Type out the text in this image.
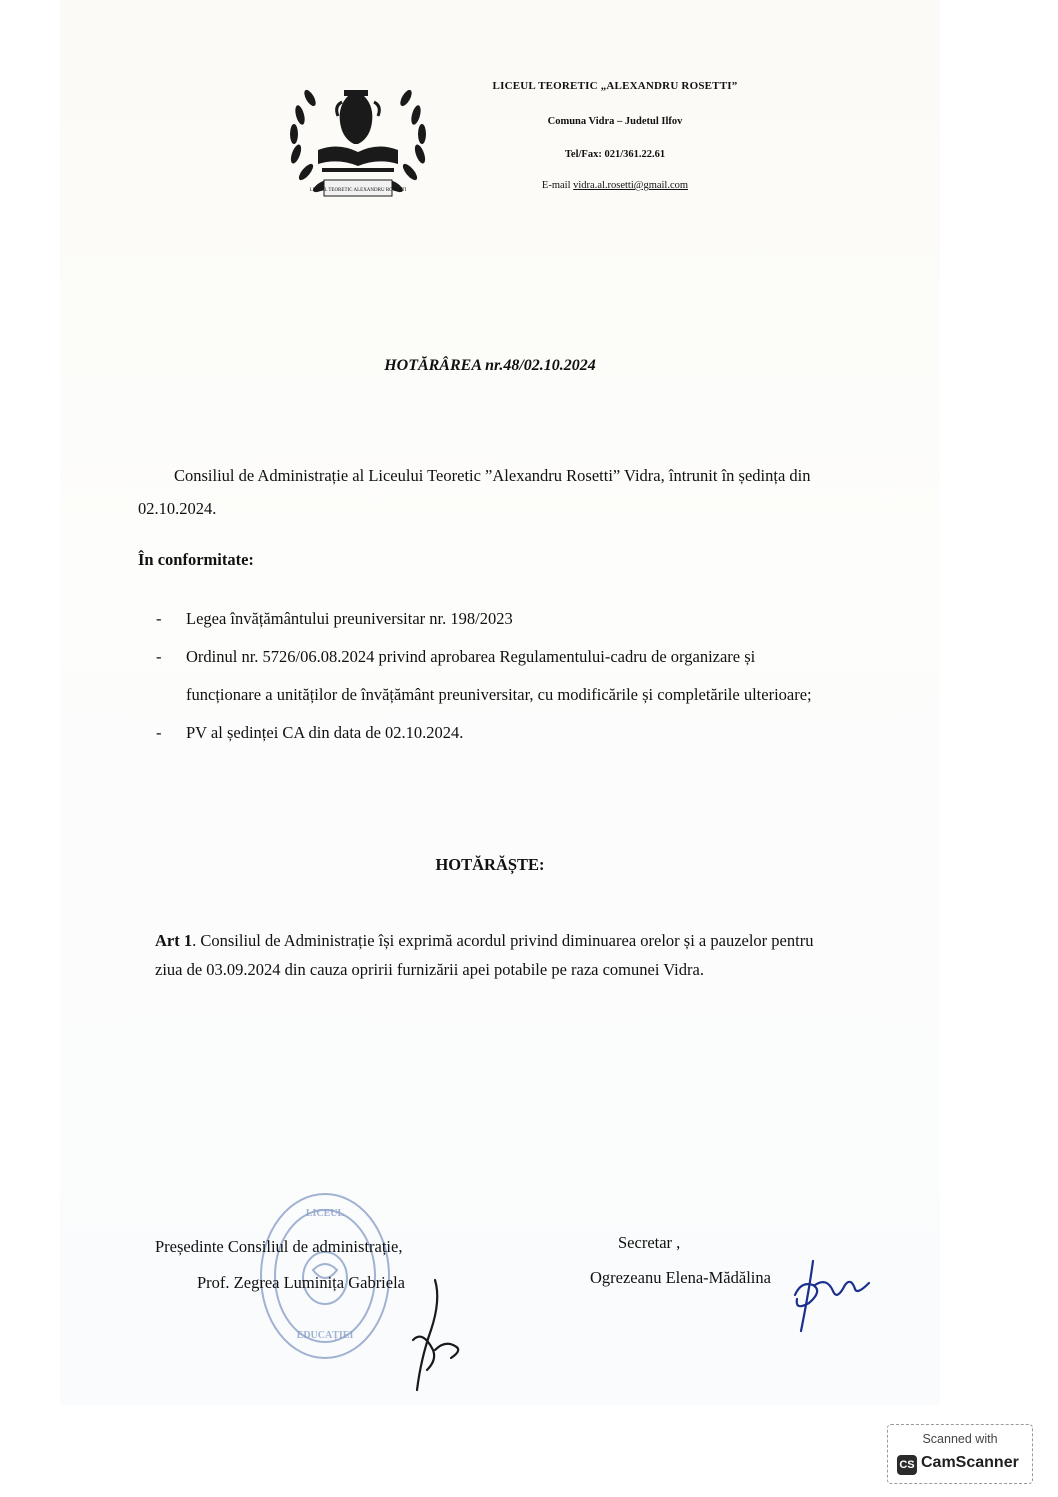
LICEUL TEORETIC ALEXANDRU ROSETTI
LICEUL TEORETIC „ALEXANDRU ROSETTI”
Comuna Vidra – Judetul Ilfov
Tel/Fax: 021/361.22.61
E-mail vidra.al.rosetti@gmail.com
HOTĂRÂREA nr.48/02.10.2024
Consiliul de Administrație al Liceului Teoretic ”Alexandru Rosetti” Vidra, întrunit în ședința din 02.10.2024.
În conformitate:
- Legea învățământului preuniversitar nr. 198/2023
- Ordinul nr. 5726/06.08.2024 privind aprobarea Regulamentului-cadru de organizare și funcționare a unităților de învățământ preuniversitar, cu modificările și completările ulterioare;
- PV al ședinței CA din data de 02.10.2024.
HOTĂRĂȘTE:
Art 1. Consiliul de Administrație își exprimă acordul privind diminuarea orelor și a pauzelor pentru ziua de 03.09.2024 din cauza opririi furnizării apei potabile pe raza comunei Vidra.
LICEUL
EDUCAȚIEI
Președinte Consiliul de administrație,
Prof. Zegrea Luminița Gabriela
Secretar ,
Ogrezeanu Elena-Mădălina
Scanned with
CS CamScanner
